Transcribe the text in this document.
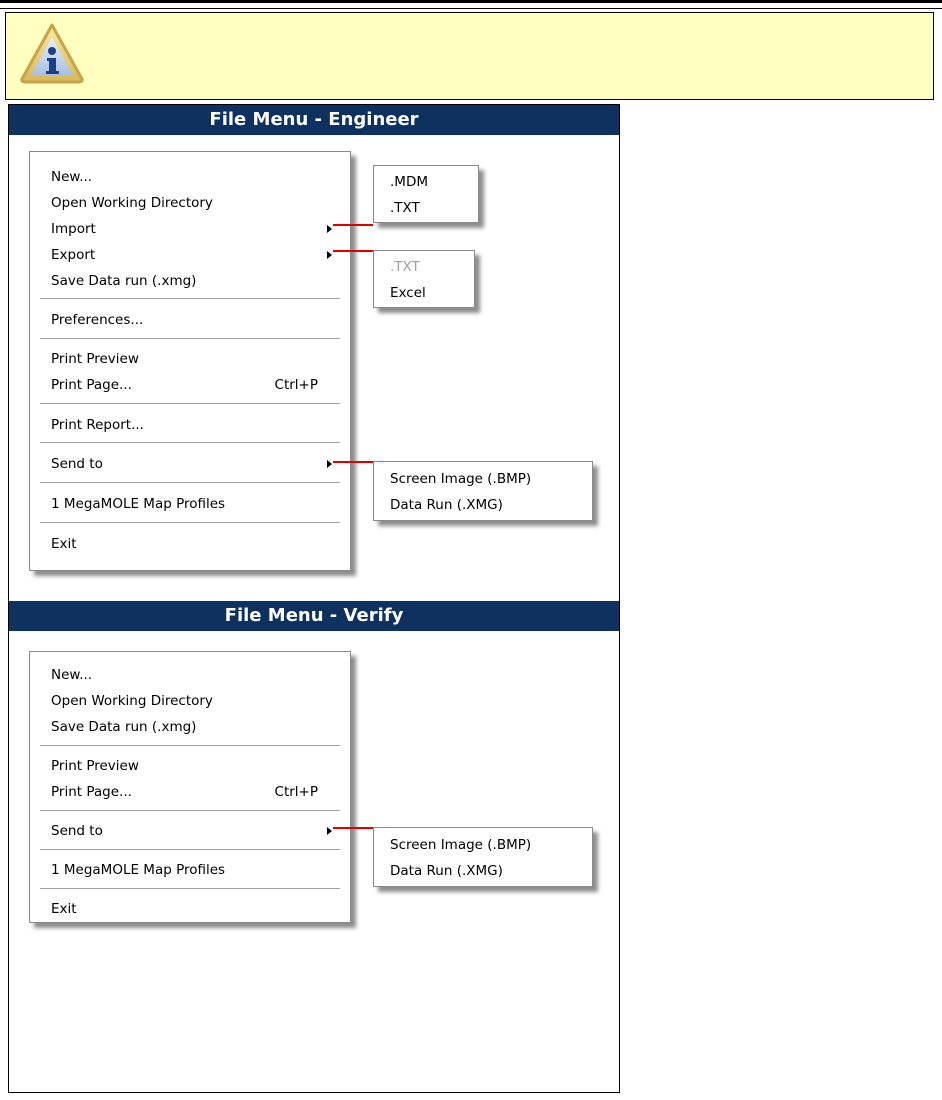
File Menu - Engineer
New...
Open Working Directory
Import
Export
Save Data run (.xmg)
Preferences...
Print Preview
Print Page...	Ctrl+P
Print Report...
Send to
1 MegaMOLE Map Profiles
Exit
.MDM
.TXT
.TXT
Excel
Screen Image (.BMP)
Data Run (.XMG)
File Menu - Verify
New...
Open Working Directory
Save Data run (.xmg)
Print Preview
Print Page...	Ctrl+P
Send to
1 MegaMOLE Map Profiles
Exit
Screen Image (.BMP)
Data Run (.XMG)
